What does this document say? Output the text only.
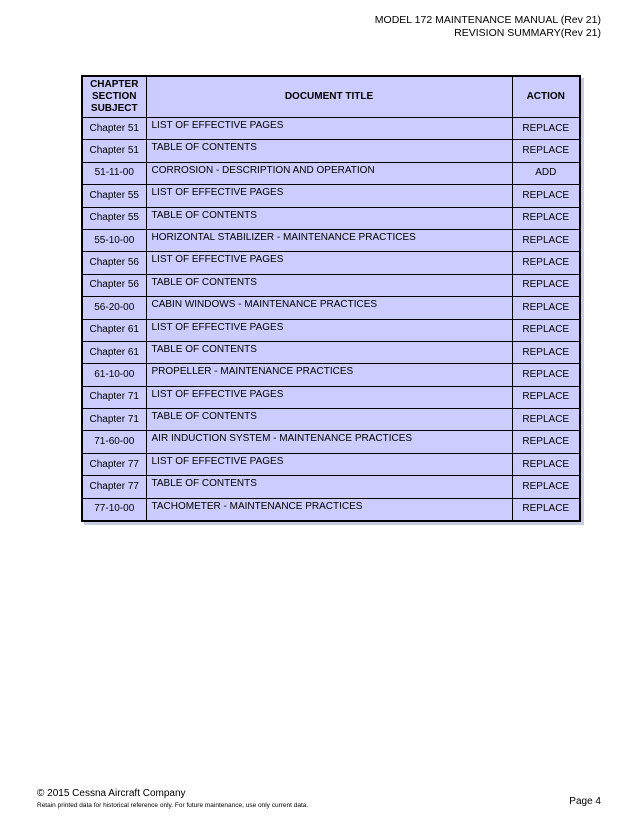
MODEL 172 MAINTENANCE MANUAL (Rev 21)
REVISION SUMMARY(Rev 21)
CHAPTER
SECTION
SUBJECT	DOCUMENT TITLE	ACTION
Chapter 51	LIST OF EFFECTIVE PAGES	REPLACE
Chapter 51	TABLE OF CONTENTS	REPLACE
51-11-00	CORROSION - DESCRIPTION AND OPERATION	ADD
Chapter 55	LIST OF EFFECTIVE PAGES	REPLACE
Chapter 55	TABLE OF CONTENTS	REPLACE
55-10-00	HORIZONTAL STABILIZER - MAINTENANCE PRACTICES	REPLACE
Chapter 56	LIST OF EFFECTIVE PAGES	REPLACE
Chapter 56	TABLE OF CONTENTS	REPLACE
56-20-00	CABIN WINDOWS - MAINTENANCE PRACTICES	REPLACE
Chapter 61	LIST OF EFFECTIVE PAGES	REPLACE
Chapter 61	TABLE OF CONTENTS	REPLACE
61-10-00	PROPELLER - MAINTENANCE PRACTICES	REPLACE
Chapter 71	LIST OF EFFECTIVE PAGES	REPLACE
Chapter 71	TABLE OF CONTENTS	REPLACE
71-60-00	AIR INDUCTION SYSTEM - MAINTENANCE PRACTICES	REPLACE
Chapter 77	LIST OF EFFECTIVE PAGES	REPLACE
Chapter 77	TABLE OF CONTENTS	REPLACE
77-10-00	TACHOMETER - MAINTENANCE PRACTICES	REPLACE
© 2015 Cessna Aircraft Company
Retain printed data for historical reference only. For future maintenance, use only current data.	Page 4
